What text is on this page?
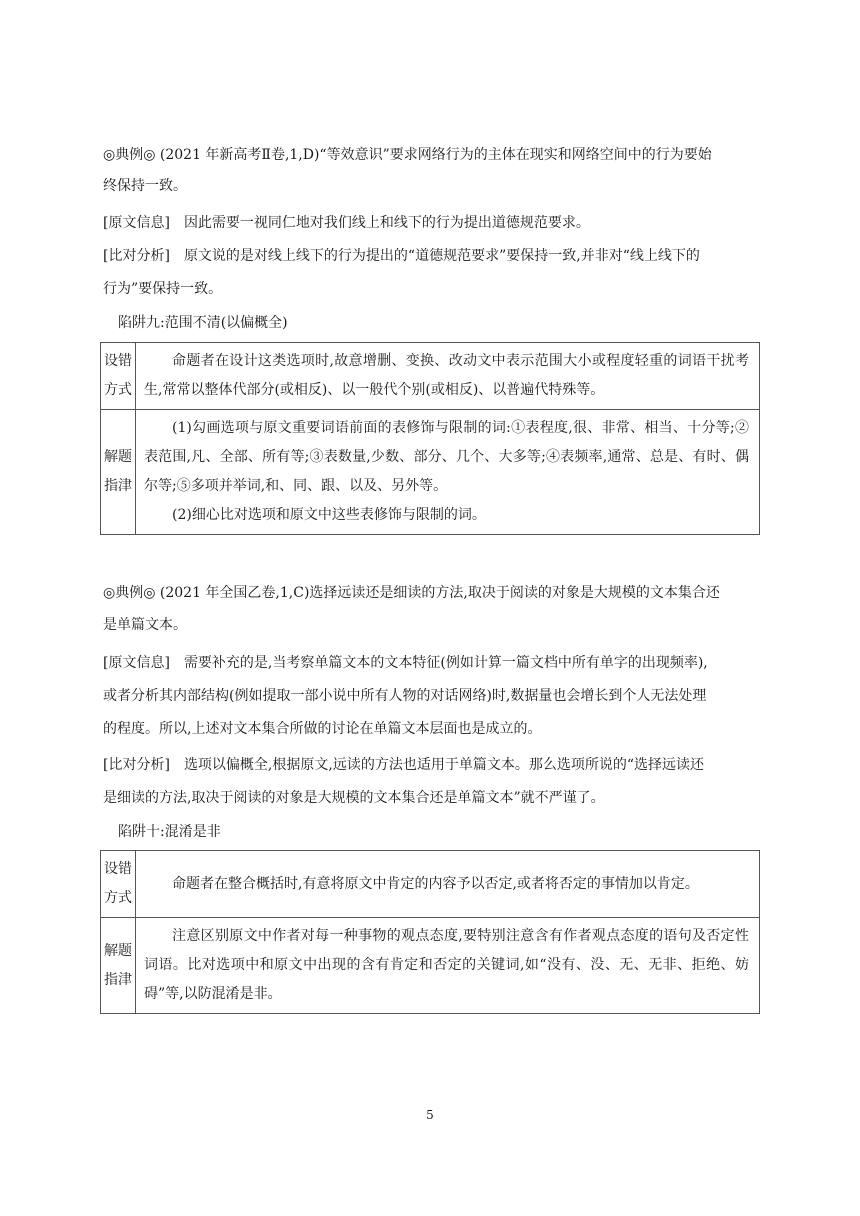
◎典例◎ (2021 年新高考Ⅱ卷,1,D)“等效意识”要求网络行为的主体在现实和网络空间中的行为要始

终保持一致。

[原文信息] 因此需要一视同仁地对我们线上和线下的行为提出道德规范要求。

[比对分析] 原文说的是对线上线下的行为提出的“道德规范要求”要保持一致,并非对“线上线下的

行为”要保持一致。

陷阱九:范围不清(以偏概全)

设错方式	命题者在设计这类选项时,故意增删、变换、改动文中表示范围大小或程度轻重的词语干扰考生,常常以整体代部分(或相反)、以一般代个别(或相反)、以普遍代特殊等。
解题指津	(1)勾画选项与原文重要词语前面的表修饰与限制的词:①表程度,很、非常、相当、十分等;②表范围,凡、全部、所有等;③表数量,少数、部分、几个、大多等;④表频率,通常、总是、有时、偶尔等;⑤多项并举词,和、同、跟、以及、另外等。
(2)细心比对选项和原文中这些表修饰与限制的词。

◎典例◎ (2021 年全国乙卷,1,C)选择远读还是细读的方法,取决于阅读的对象是大规模的文本集合还

是单篇文本。

[原文信息] 需要补充的是,当考察单篇文本的文本特征(例如计算一篇文档中所有单字的出现频率),

或者分析其内部结构(例如提取一部小说中所有人物的对话网络)时,数据量也会增长到个人无法处理

的程度。所以,上述对文本集合所做的讨论在单篇文本层面也是成立的。

[比对分析] 选项以偏概全,根据原文,远读的方法也适用于单篇文本。那么选项所说的“选择远读还

是细读的方法,取决于阅读的对象是大规模的文本集合还是单篇文本”就不严谨了。

陷阱十:混淆是非

设错方式	命题者在整合概括时,有意将原文中肯定的内容予以否定,或者将否定的事情加以肯定。
解题指津	注意区别原文中作者对每一种事物的观点态度,要特别注意含有作者观点态度的语句及否定性词语。比对选项中和原文中出现的含有肯定和否定的关键词,如“没有、没、无、无非、拒绝、妨碍”等,以防混淆是非。
5
